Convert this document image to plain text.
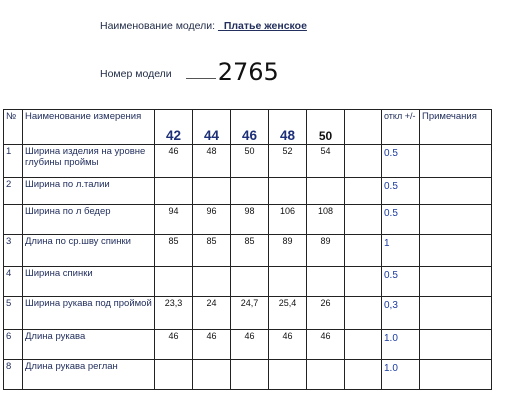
Наименование модели: _Платье женское
Номер модели 2765
№	Наименование измерения	42	44	46	48	50		откл +/-	Примечания
1	Ширина изделия на уровне глубины проймы	46	48	50	52	54		0.5	
2	Ширина по л.талии							0.5	
	Ширина по л бедер	94	96	98	106	108		0.5	
3	Длина по ср.шву спинки	85	85	85	89	89		1	
4	Ширина спинки							0.5	
5	Ширина рукава под проймой	23,3	24	24,7	25,4	26		0,3	
6	Длина рукава	46	46	46	46	46		1.0	
8	Длина рукава реглан							1.0	
